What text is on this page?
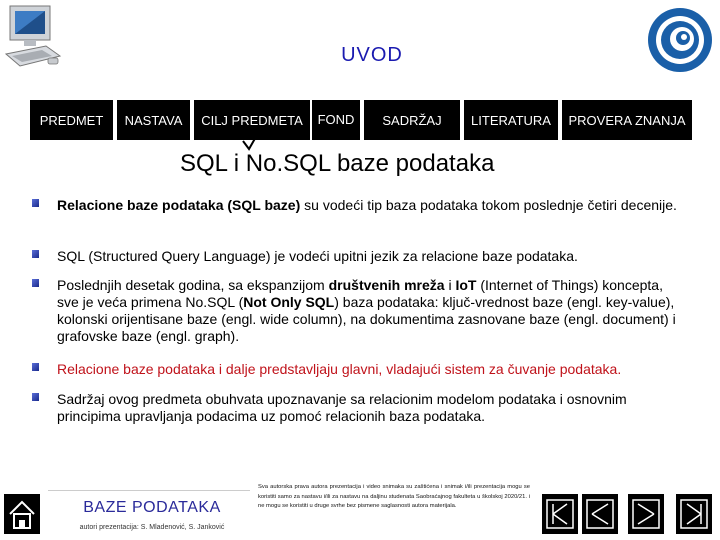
UVOD
PREDMET NASTAVA CILJ PREDMETA FOND SADRŽAJ LITERATURA PROVERA ZNANJA
SQL i No.SQL baze podataka
Relacione baze podataka (SQL baze) su vodeći tip baza podataka tokom poslednje četiri decenije.
SQL (Structured Query Language) je vodeći upitni jezik za relacione baze podataka.
Poslednjih desetak godina, sa ekspanzijom društvenih mreža i IoT (Internet of Things) koncepta, sve je veća primena No.SQL (Not Only SQL) baza podataka: ključ-vrednost baze (engl. key-value), kolonski orijentisane baze (engl. wide column), na dokumentima zasnovane baze (engl. document) i grafovske baze (engl. graph).
Relacione baze podataka i dalje predstavljaju glavni, vladajući sistem za čuvanje podataka.
Sadržaj ovog predmeta obuhvata upoznavanje sa relacionim modelom podataka i osnovnim principima upravljanja podacima uz pomoć relacionih baza podataka.
BAZE PODATAKA
autori prezentacija: S. Mladenović, S. Janković
Sva autorska prava autora prezentacija i video snimaka su zaštićena i snimak i/ili prezentacija mogu se koristiti samo za nastavu i/ili za nastavu na daljinu studenata Saobraćajnog fakulteta u školskoj 2020/21. i ne mogu se koristiti u druge svrhe bez pismene saglasnosti autora materijala.
